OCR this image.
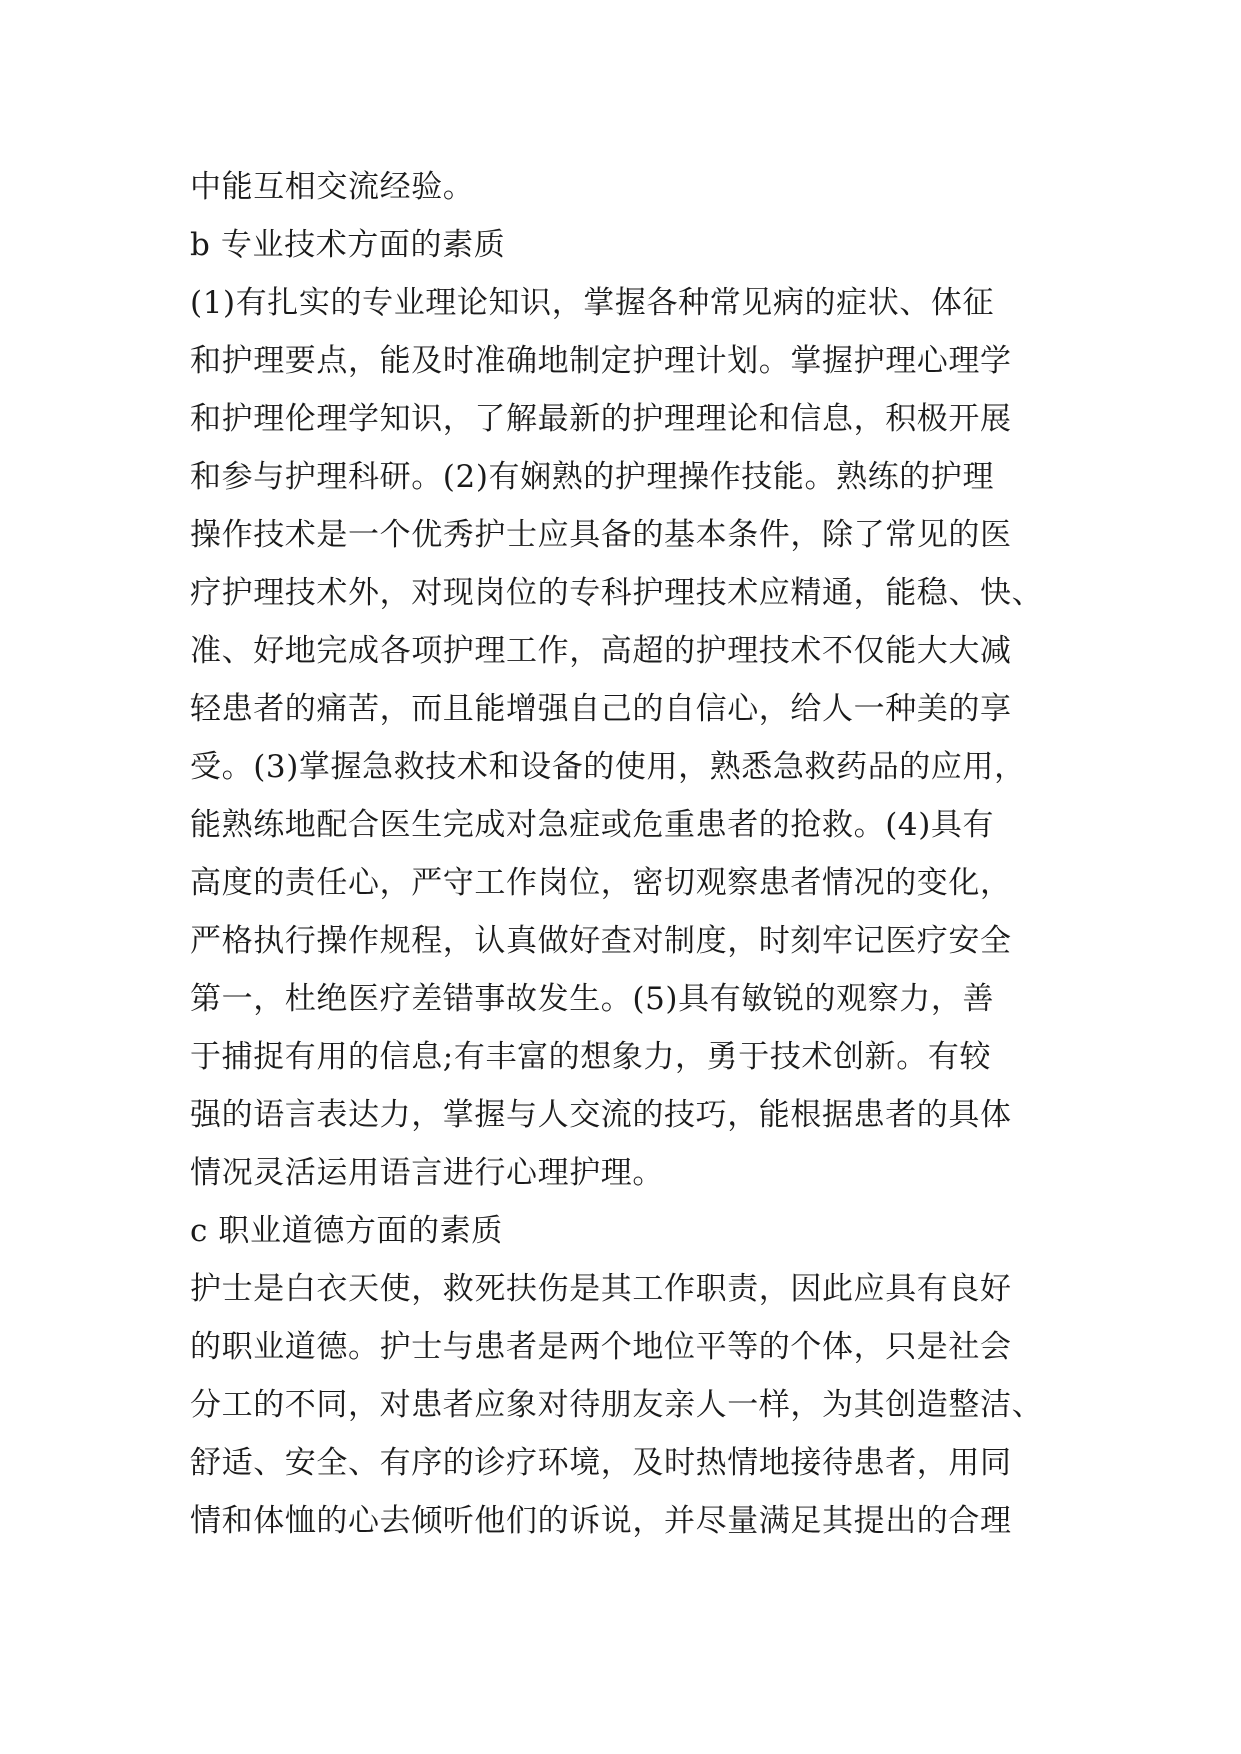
中能互相交流经验。
b 专业技术方面的素质
(1)有扎实的专业理论知识，掌握各种常见病的症状、体征
和护理要点，能及时准确地制定护理计划。掌握护理心理学
和护理伦理学知识，了解最新的护理理论和信息，积极开展
和参与护理科研。(2)有娴熟的护理操作技能。熟练的护理
操作技术是一个优秀护士应具备的基本条件，除了常见的医
疗护理技术外，对现岗位的专科护理技术应精通，能稳、快、
准、好地完成各项护理工作，高超的护理技术不仅能大大减
轻患者的痛苦，而且能增强自己的自信心，给人一种美的享
受。(3)掌握急救技术和设备的使用，熟悉急救药品的应用，
能熟练地配合医生完成对急症或危重患者的抢救。(4)具有
高度的责任心，严守工作岗位，密切观察患者情况的变化，
严格执行操作规程，认真做好查对制度，时刻牢记医疗安全
第一，杜绝医疗差错事故发生。(5)具有敏锐的观察力，善
于捕捉有用的信息;有丰富的想象力，勇于技术创新。有较
强的语言表达力，掌握与人交流的技巧，能根据患者的具体
情况灵活运用语言进行心理护理。
c 职业道德方面的素质
护士是白衣天使，救死扶伤是其工作职责，因此应具有良好
的职业道德。护士与患者是两个地位平等的个体，只是社会
分工的不同，对患者应象对待朋友亲人一样，为其创造整洁、
舒适、安全、有序的诊疗环境，及时热情地接待患者，用同
情和体恤的心去倾听他们的诉说，并尽量满足其提出的合理
